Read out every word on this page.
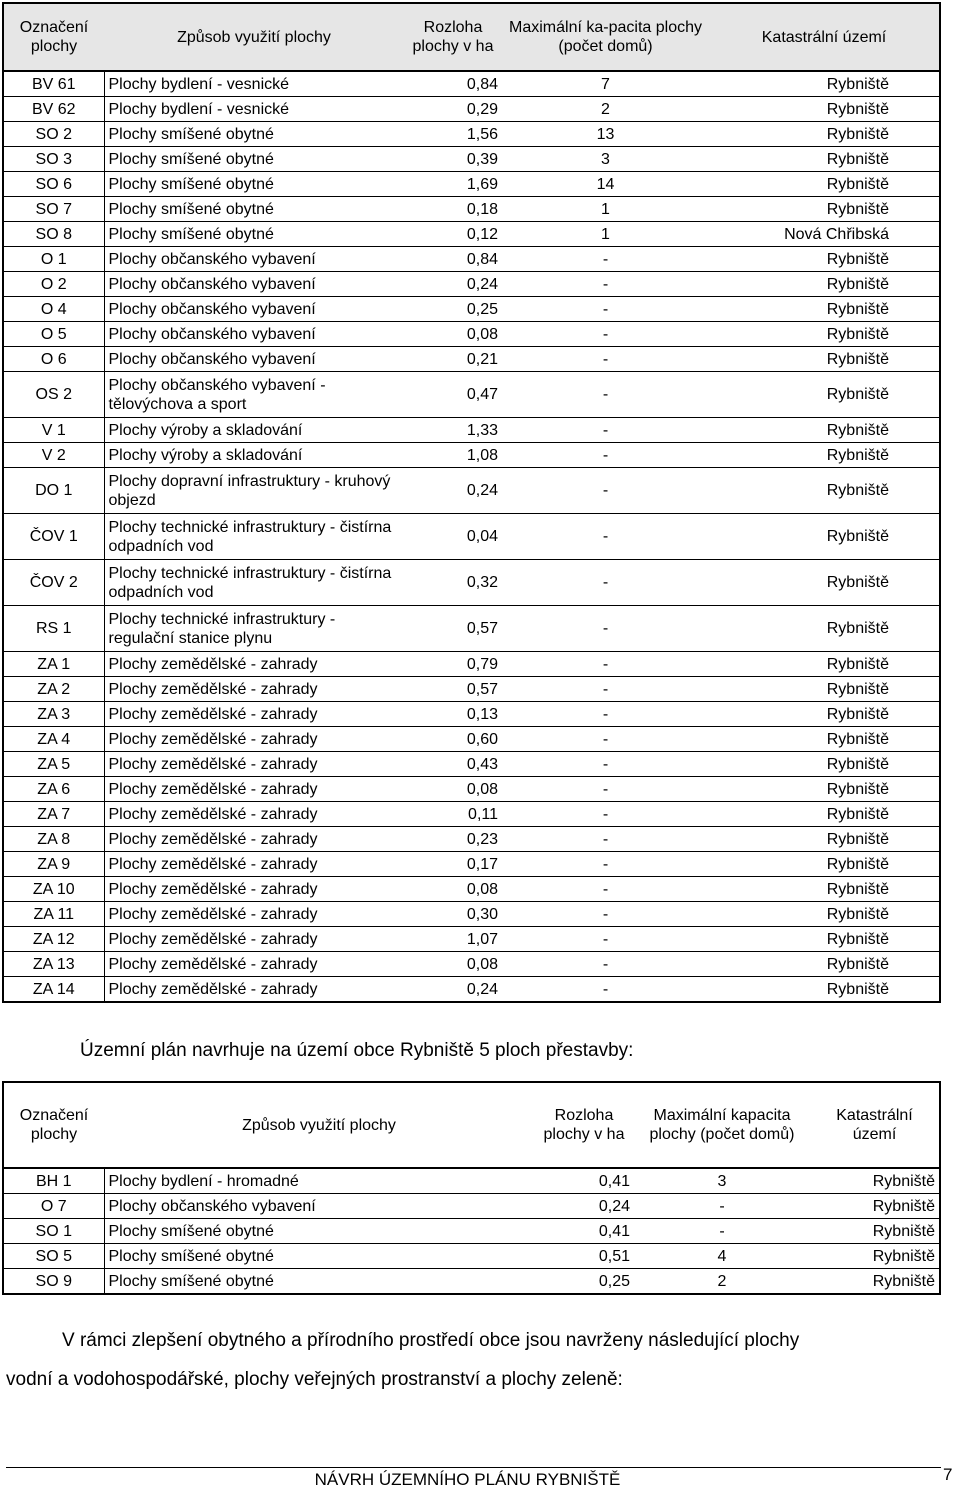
Označení plochy	Způsob využití plochy	Rozloha plochy v ha	Maximální ka-pacita plochy (počet domů)	Katastrální území
BV 61	Plochy bydlení - vesnické	0,84	7	Rybniště
BV 62	Plochy bydlení - vesnické	0,29	2	Rybniště
SO 2	Plochy smíšené obytné	1,56	13	Rybniště
SO 3	Plochy smíšené obytné	0,39	3	Rybniště
SO 6	Plochy smíšené obytné	1,69	14	Rybniště
SO 7	Plochy smíšené obytné	0,18	1	Rybniště
SO 8	Plochy smíšené obytné	0,12	1	Nová Chřibská
O 1	Plochy občanského vybavení	0,84	-	Rybniště
O 2	Plochy občanského vybavení	0,24	-	Rybniště
O 4	Plochy občanského vybavení	0,25	-	Rybniště
O 5	Plochy občanského vybavení	0,08	-	Rybniště
O 6	Plochy občanského vybavení	0,21	-	Rybniště
OS 2	Plochy občanského vybavení - tělovýchova a sport	0,47	-	Rybniště
V 1	Plochy výroby a skladování	1,33	-	Rybniště
V 2	Plochy výroby a skladování	1,08	-	Rybniště
DO 1	Plochy dopravní infrastruktury - kruhový objezd	0,24	-	Rybniště
ČOV 1	Plochy technické infrastruktury - čistírna odpadních vod	0,04	-	Rybniště
ČOV 2	Plochy technické infrastruktury - čistírna odpadních vod	0,32	-	Rybniště
RS 1	Plochy technické infrastruktury - regulační stanice plynu	0,57	-	Rybniště
ZA 1	Plochy zemědělské - zahrady	0,79	-	Rybniště
ZA 2	Plochy zemědělské - zahrady	0,57	-	Rybniště
ZA 3	Plochy zemědělské - zahrady	0,13	-	Rybniště
ZA 4	Plochy zemědělské - zahrady	0,60	-	Rybniště
ZA 5	Plochy zemědělské - zahrady	0,43	-	Rybniště
ZA 6	Plochy zemědělské - zahrady	0,08	-	Rybniště
ZA 7	Plochy zemědělské - zahrady	0,11	-	Rybniště
ZA 8	Plochy zemědělské - zahrady	0,23	-	Rybniště
ZA 9	Plochy zemědělské - zahrady	0,17	-	Rybniště
ZA 10	Plochy zemědělské - zahrady	0,08	-	Rybniště
ZA 11	Plochy zemědělské - zahrady	0,30	-	Rybniště
ZA 12	Plochy zemědělské - zahrady	1,07	-	Rybniště
ZA 13	Plochy zemědělské - zahrady	0,08	-	Rybniště
ZA 14	Plochy zemědělské - zahrady	0,24	-	Rybniště

Územní plán navrhuje na území obce Rybniště 5 ploch přestavby:

Označení plochy	Způsob využití plochy	Rozloha plochy v ha	Maximální kapacita plochy (počet domů)	Katastrální území
BH 1	Plochy bydlení - hromadné	0,41	3	Rybniště
O 7	Plochy občanského vybavení	0,24	-	Rybniště
SO 1	Plochy smíšené obytné	0,41	-	Rybniště
SO 5	Plochy smíšené obytné	0,51	4	Rybniště
SO 9	Plochy smíšené obytné	0,25	2	Rybniště

V rámci zlepšení obytného a přírodního prostředí obce jsou navrženy následující plochy

vodní a vodohospodářské, plochy veřejných prostranství a plochy zeleně:

NÁVRH ÚZEMNÍHO PLÁNU RYBNIŠTĚ	7
